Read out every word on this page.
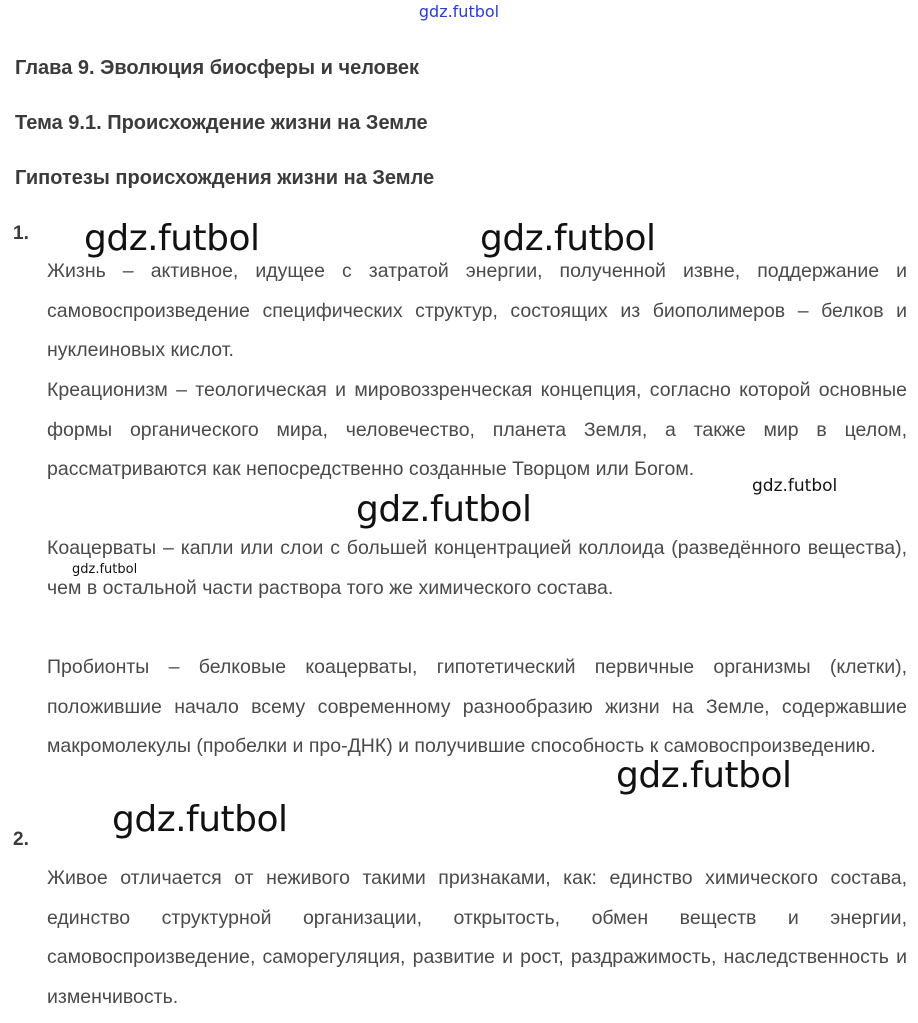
gdz.futbol
Глава 9. Эволюция биосферы и человек
Тема 9.1. Происхождение жизни на Земле
Гипотезы происхождения жизни на Земле
1.

Жизнь – активное, идущее с затратой энергии, полученной извне, поддержание и самовоспроизведение специфических структур, состоящих из биополимеров – белков и нуклеиновых кислот.

Креационизм – теологическая и мировоззренческая концепция, согласно которой основные формы органического мира, человечество, планета Земля, а также мир в целом, рассматриваются как непосредственно созданные Творцом или Богом.

Коацерваты – капли или слои с большей концентрацией коллоида (разведённого вещества), чем в остальной части раствора того же химического состава.

Пробионты – белковые коацерваты, гипотетический первичные организмы (клетки), положившие начало всему современному разнообразию жизни на Земле, содержавшие макромолекулы (пробелки и про-ДНК) и получившие способность к самовоспроизведению.

2.

Живое отличается от неживого такими признаками, как: единство химического состава, единство структурной организации, открытость, обмен веществ и энергии, самовоспроизведение, саморегуляция, развитие и рост, раздражимость, наследственность и изменчивость.

gdz.futbol	gdz.futbol
gdz.futbol
gdz.futbol
gdz.futbol
gdz.futbol
gdz.futbol
